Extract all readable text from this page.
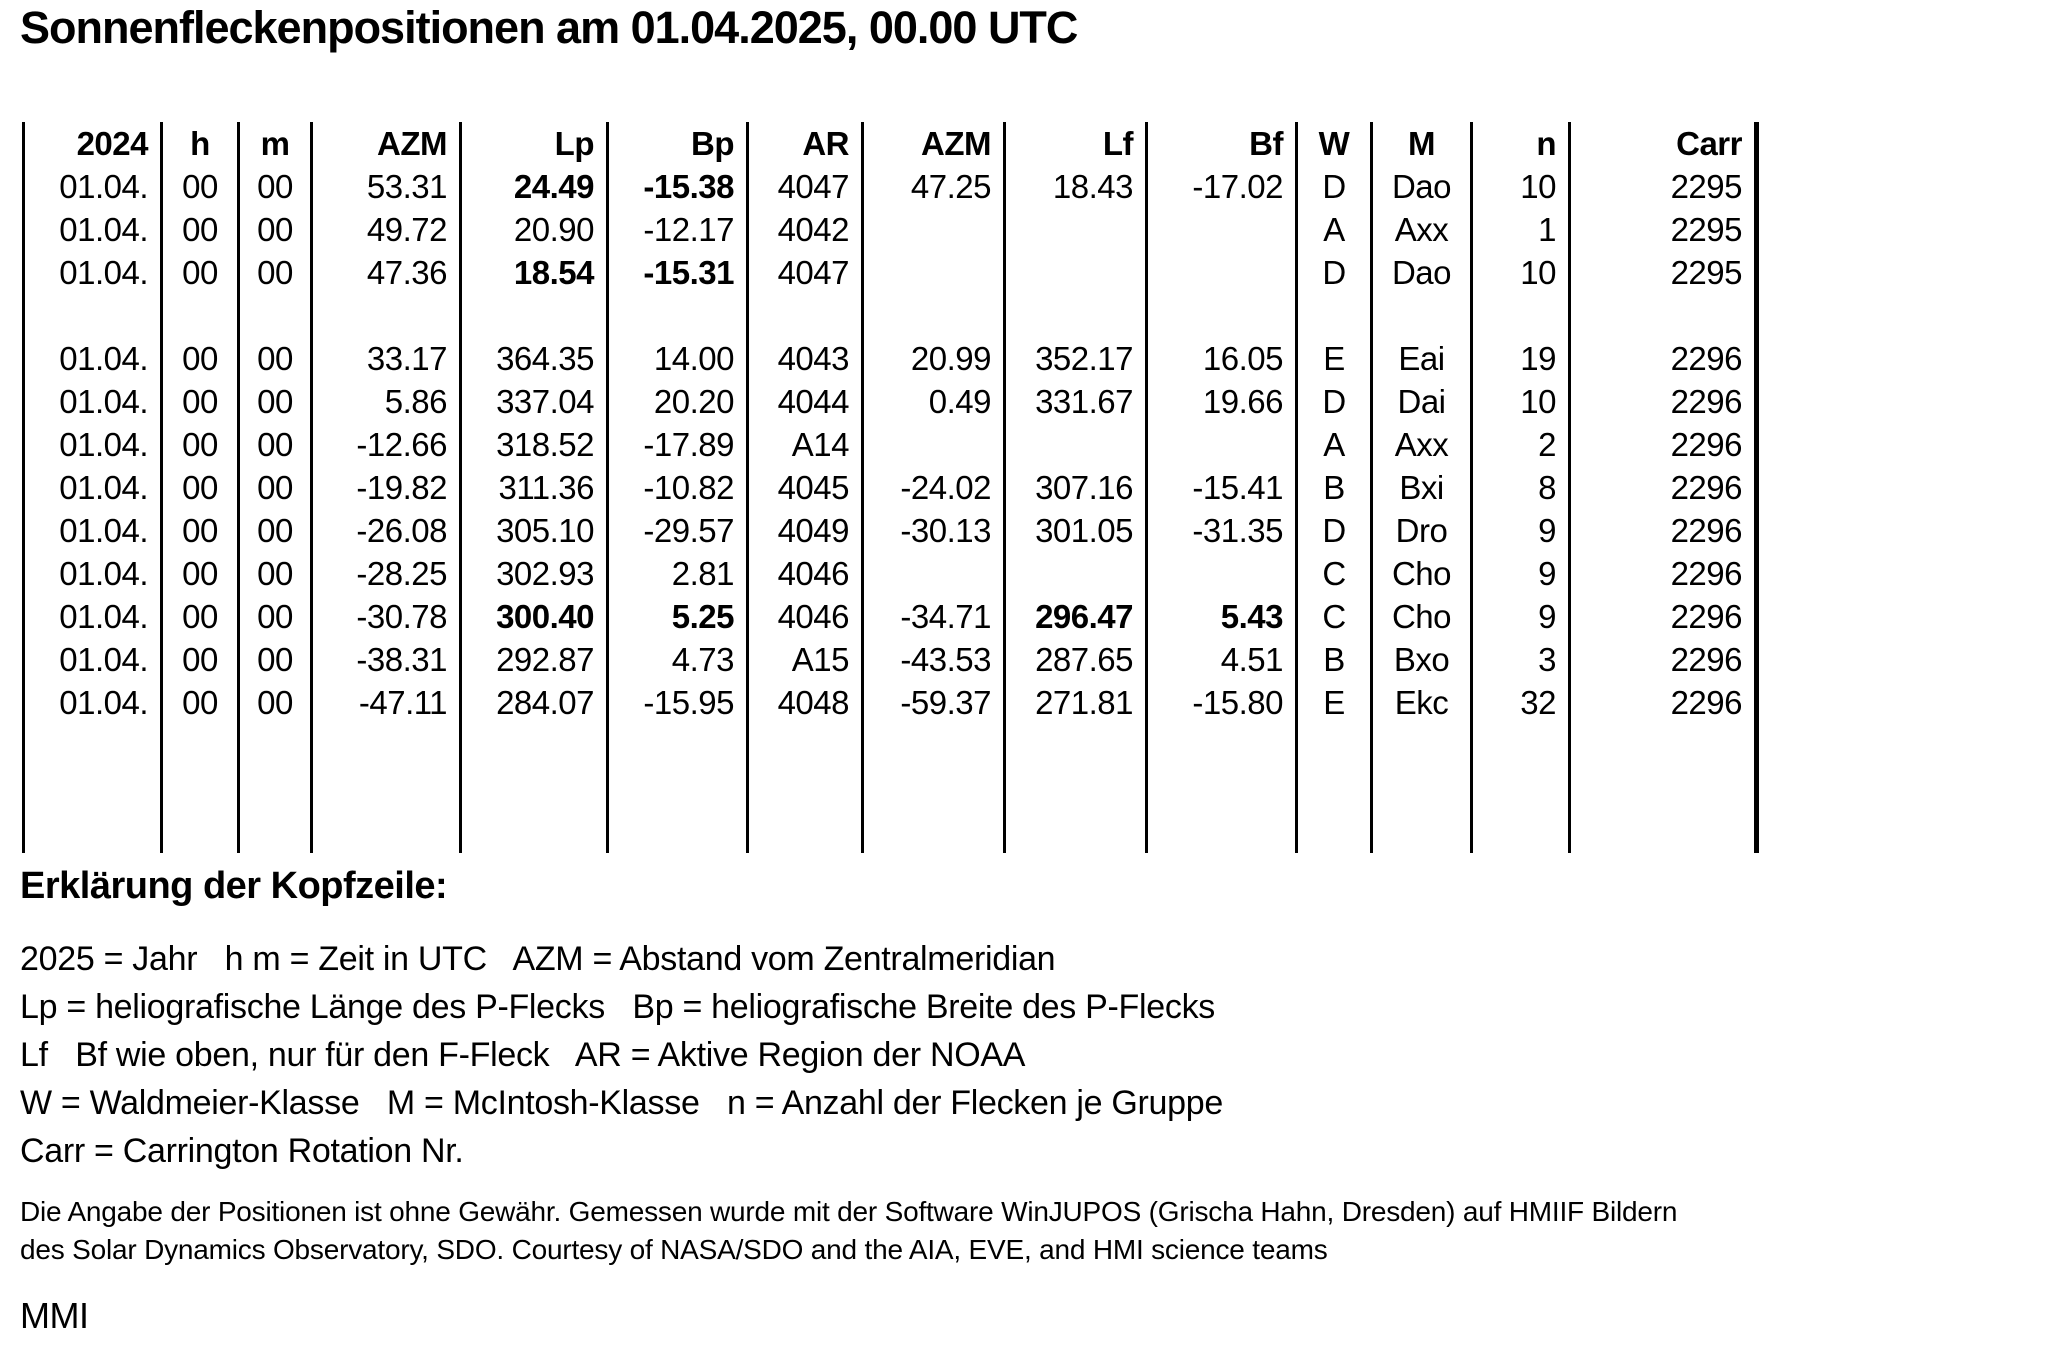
Sonnenfleckenpositionen am 01.04.2025, 00.00 UTC
2024	h	m	AZM	Lp	Bp	AR	AZM	Lf	Bf	W	M	n	Carr
01.04.	00	00	53.31	24.49	-15.38	4047	47.25	18.43	-17.02	D	Dao	10	2295
01.04.	00	00	49.72	20.90	-12.17	4042				A	Axx	1	2295
01.04.	00	00	47.36	18.54	-15.31	4047				D	Dao	10	2295

01.04.	00	00	33.17	364.35	14.00	4043	20.99	352.17	16.05	E	Eai	19	2296
01.04.	00	00	5.86	337.04	20.20	4044	0.49	331.67	19.66	D	Dai	10	2296
01.04.	00	00	-12.66	318.52	-17.89	A14				A	Axx	2	2296
01.04.	00	00	-19.82	311.36	-10.82	4045	-24.02	307.16	-15.41	B	Bxi	8	2296
01.04.	00	00	-26.08	305.10	-29.57	4049	-30.13	301.05	-31.35	D	Dro	9	2296
01.04.	00	00	-28.25	302.93	2.81	4046				C	Cho	9	2296
01.04.	00	00	-30.78	300.40	5.25	4046	-34.71	296.47	5.43	C	Cho	9	2296
01.04.	00	00	-38.31	292.87	4.73	A15	-43.53	287.65	4.51	B	Bxo	3	2296
01.04.	00	00	-47.11	284.07	-15.95	4048	-59.37	271.81	-15.80	E	Ekc	32	2296

Erklärung der Kopfzeile:

2025 = Jahr   h m = Zeit in UTC   AZM = Abstand vom Zentralmeridian

Lp = heliografische Länge des P-Flecks   Bp = heliografische Breite des P-Flecks

Lf   Bf wie oben, nur für den F-Fleck   AR = Aktive Region der NOAA

W = Waldmeier-Klasse   M = McIntosh-Klasse   n = Anzahl der Flecken je Gruppe

Carr = Carrington Rotation Nr.

Die Angabe der Positionen ist ohne Gewähr. Gemessen wurde mit der Software WinJUPOS (Grischa Hahn, Dresden) auf HMIIF Bildern
des Solar Dynamics Observatory, SDO. Courtesy of NASA/SDO and the AIA, EVE, and HMI science teams

MMI
